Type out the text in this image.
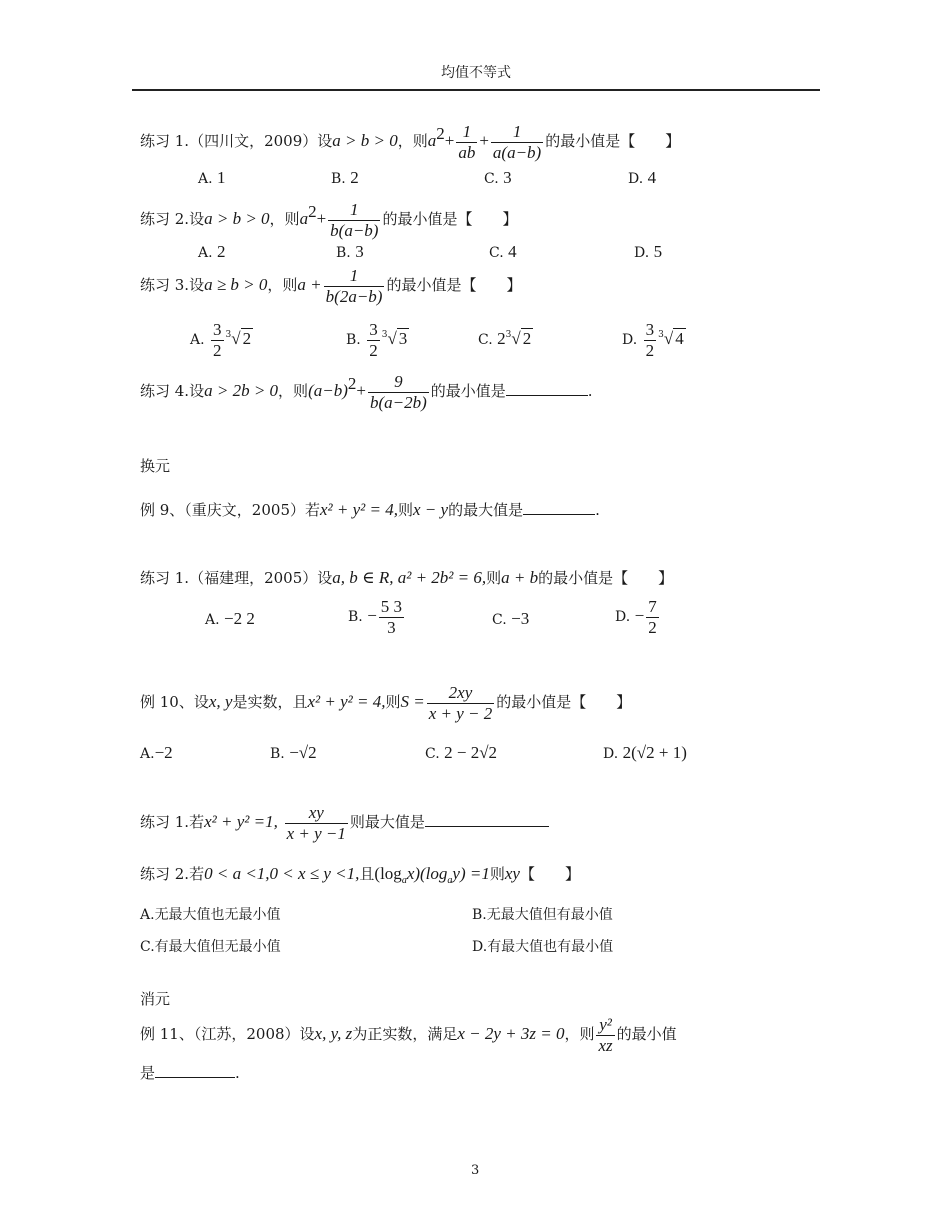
均值不等式
练习 1.（四川文，2009）设a > b > 0，则$a^2+ \frac{1}{ab} + \frac{1}{a(a-b)}$ 的最小值是【　　】
A. 1	B. 2	C. 3	D. 4
练习 2.设a > b > 0，则$a^2+ \frac{1}{b(a-b)}$ 的最小值是【　　】
A. 2	B. 3	C. 4	D. 5
练习 3.设a ≥ b > 0，则$a + \frac{1}{b(2a-b)}$ 的最小值是【　　】
A. $\frac{3}{2} ^3√$ 2	B. $\frac{3}{2} ^3√$ 3	C. $2^3√$ 2	D. $\frac{3}{2} ^3√$ 4
练习 4.设a > 2b > 0，则$(a-b)^2+ \frac{9}{b(a-2b)}$ 的最小值是	.
换元
例 9、（重庆文，2005）若x² + y² = 4,则x − y的最大值是	.
练习 1.（福建理，2005）设a, b ∈ R, a² + 2b² = 6,则a + b的最小值是【　　】
A. −2 2	B. − $\frac{5 3}{3}$	C. −3	D. − $\frac{7}{2}$
例 10、设x, y是实数，且x² + y² = 4,则$S = \frac{2xy}{x + y - 2}$ 的最小值是【　　】
A.−2	B. −√2	C. 2 − 2√2	D. 2(√2 + 1)
练习 1.若x² + y² =1, $\frac{xy}{x + y -1}$ 则最大值是
练习 2.若0 < a <1,0 < x ≤ y <1,且$(\log_ax)(\log_ay) =1$则xy【　　】
A.无最大值也无最小值	B.无最大值但有最小值
C.有最大值但无最小值	D.有最大值也有最小值
消元
例 11、（江苏，2008）设x, y, z为正实数，满足x − 2y + 3z = 0，则 $\frac{\text{y²}}{xz}$ 的最小值
是	.
3
